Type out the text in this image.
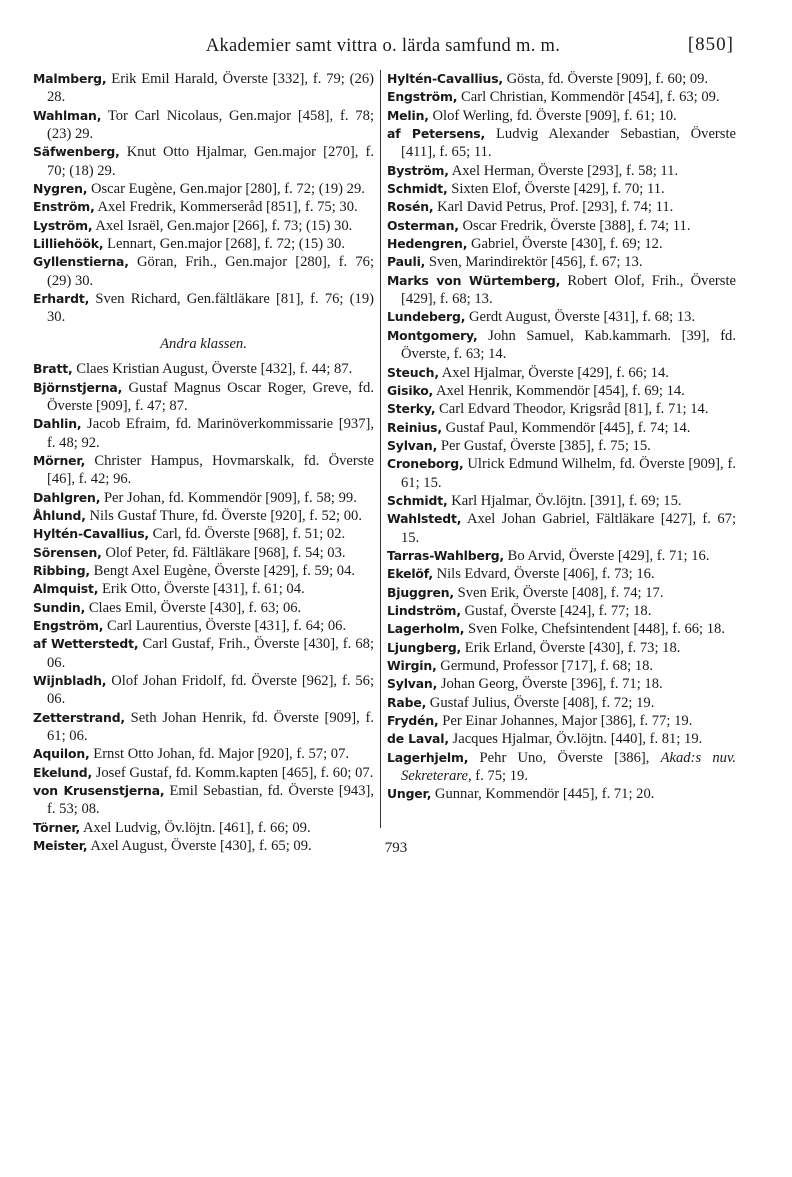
Akademier samt vittra o. lärda samfund m. m.	[850]

Malmberg, Erik Emil Harald, Överste [332], f. 79; (26) 28.

Wahlman, Tor Carl Nicolaus, Gen.major [458], f. 78; (23) 29.

Säfwenberg, Knut Otto Hjalmar, Gen.major [270], f. 70; (18) 29.

Nygren, Oscar Eugène, Gen.major [280], f. 72; (19) 29.

Enström, Axel Fredrik, Kommerseråd [851], f. 75; 30.

Lyström, Axel Israël, Gen.major [266], f. 73; (15) 30.

Lilliehöök, Lennart, Gen.major [268], f. 72; (15) 30.

Gyllenstierna, Göran, Frih., Gen.major [280], f. 76; (29) 30.

Erhardt, Sven Richard, Gen.fältläkare [81], f. 76; (19) 30.

Andra klassen.

Bratt, Claes Kristian August, Överste [432], f. 44; 87.

Björnstjerna, Gustaf Magnus Oscar Roger, Greve, fd. Överste [909], f. 47; 87.

Dahlin, Jacob Efraim, fd. Marinöverkommissarie [937], f. 48; 92.

Mörner, Christer Hampus, Hovmarskalk, fd. Överste [46], f. 42; 96.

Dahlgren, Per Johan, fd. Kommendör [909], f. 58; 99.

Åhlund, Nils Gustaf Thure, fd. Överste [920], f. 52; 00.

Hyltén-Cavallius, Carl, fd. Överste [968], f. 51; 02.

Sörensen, Olof Peter, fd. Fältläkare [968], f. 54; 03.

Ribbing, Bengt Axel Eugène, Överste [429], f. 59; 04.

Almquist, Erik Otto, Överste [431], f. 61; 04.

Sundin, Claes Emil, Överste [430], f. 63; 06.

Engström, Carl Laurentius, Överste [431], f. 64; 06.

af Wetterstedt, Carl Gustaf, Frih., Överste [430], f. 68; 06.

Wijnbladh, Olof Johan Fridolf, fd. Överste [962], f. 56; 06.

Zetterstrand, Seth Johan Henrik, fd. Överste [909], f. 61; 06.

Aquilon, Ernst Otto Johan, fd. Major [920], f. 57; 07.

Ekelund, Josef Gustaf, fd. Komm.kapten [465], f. 60; 07.

von Krusenstjerna, Emil Sebastian, fd. Överste [943], f. 53; 08.

Törner, Axel Ludvig, Öv.löjtn. [461], f. 66; 09.

Meister, Axel August, Överste [430], f. 65; 09.

Hyltén-Cavallius, Gösta, fd. Överste [909], f. 60; 09.

Engström, Carl Christian, Kommendör [454], f. 63; 09.

Melin, Olof Werling, fd. Överste [909], f. 61; 10.

af Petersens, Ludvig Alexander Sebastian, Överste [411], f. 65; 11.

Byström, Axel Herman, Överste [293], f. 58; 11.

Schmidt, Sixten Elof, Överste [429], f. 70; 11.

Rosén, Karl David Petrus, Prof. [293], f. 74; 11.

Osterman, Oscar Fredrik, Överste [388], f. 74; 11.

Hedengren, Gabriel, Överste [430], f. 69; 12.

Pauli, Sven, Marindirektör [456], f. 67; 13.

Marks von Würtemberg, Robert Olof, Frih., Överste [429], f. 68; 13.

Lundeberg, Gerdt August, Överste [431], f. 68; 13.

Montgomery, John Samuel, Kab.kammarh. [39], fd. Överste, f. 63; 14.

Steuch, Axel Hjalmar, Överste [429], f. 66; 14.

Gisiko, Axel Henrik, Kommendör [454], f. 69; 14.

Sterky, Carl Edvard Theodor, Krigsråd [81], f. 71; 14.

Reinius, Gustaf Paul, Kommendör [445], f. 74; 14.

Sylvan, Per Gustaf, Överste [385], f. 75; 15.

Croneborg, Ulrick Edmund Wilhelm, fd. Överste [909], f. 61; 15.

Schmidt, Karl Hjalmar, Öv.löjtn. [391], f. 69; 15.

Wahlstedt, Axel Johan Gabriel, Fältläkare [427], f. 67; 15.

Tarras-Wahlberg, Bo Arvid, Överste [429], f. 71; 16.

Ekelöf, Nils Edvard, Överste [406], f. 73; 16.

Bjuggren, Sven Erik, Överste [408], f. 74; 17.

Lindström, Gustaf, Överste [424], f. 77; 18.

Lagerholm, Sven Folke, Chefsintendent [448], f. 66; 18.

Ljungberg, Erik Erland, Överste [430], f. 73; 18.

Wirgin, Germund, Professor [717], f. 68; 18.

Sylvan, Johan Georg, Överste [396], f. 71; 18.

Rabe, Gustaf Julius, Överste [408], f. 72; 19.

Frydén, Per Einar Johannes, Major [386], f. 77; 19.

de Laval, Jacques Hjalmar, Öv.löjtn. [440], f. 81; 19.

Lagerhjelm, Pehr Uno, Överste [386], Akad:s nuv. Sekreterare, f. 75; 19.

Unger, Gunnar, Kommendör [445], f. 71; 20.

793
